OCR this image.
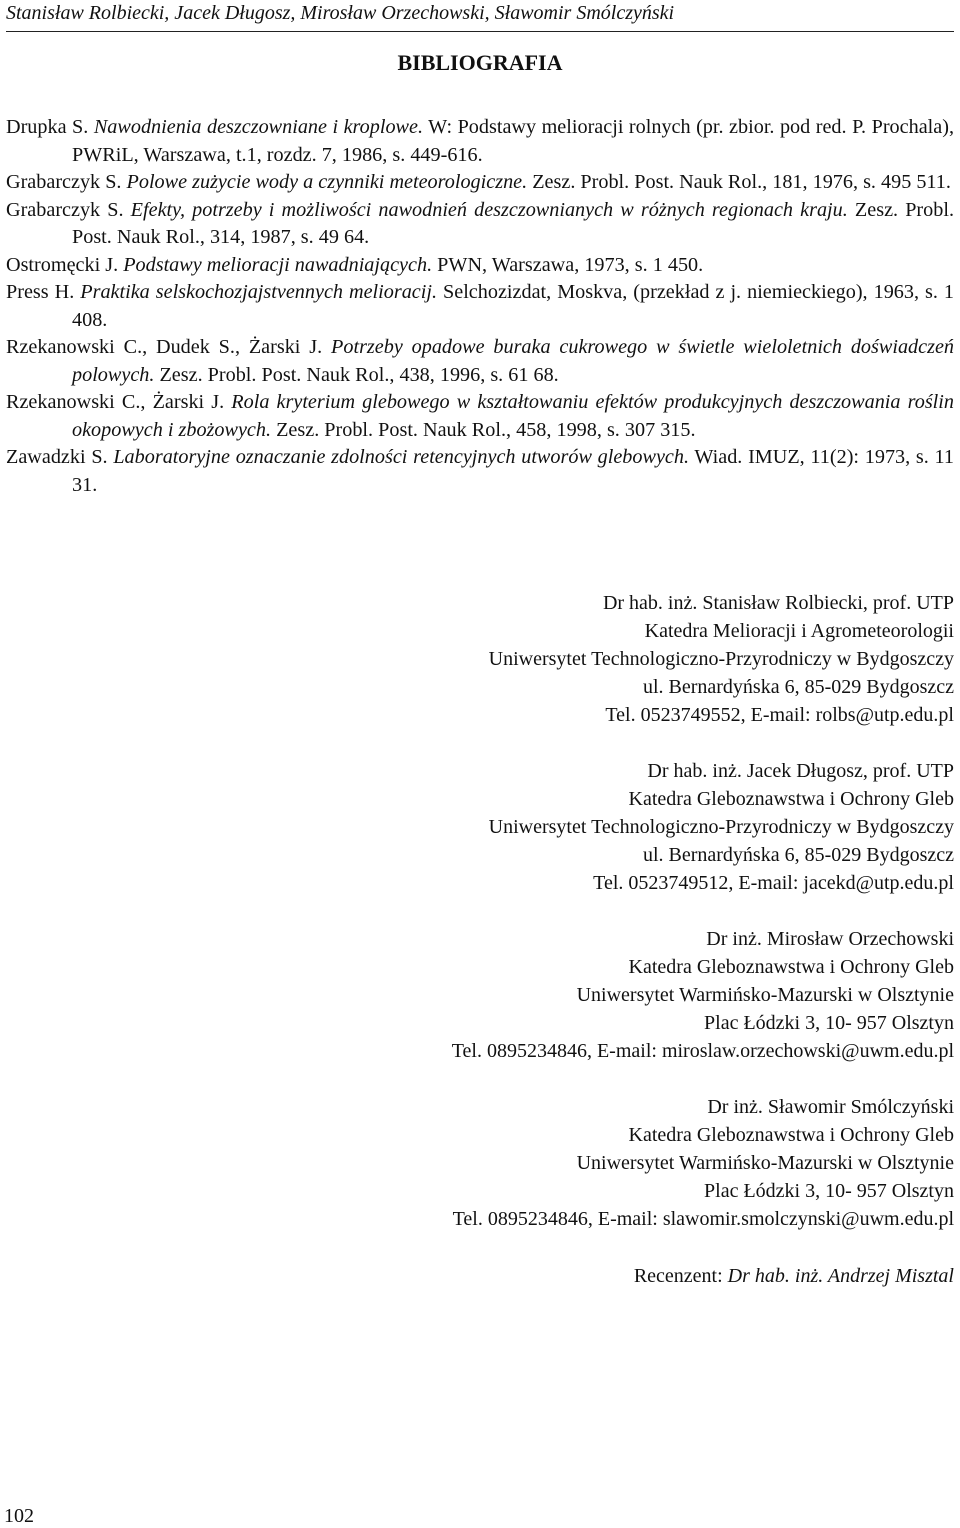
Stanisław Rolbiecki, Jacek Długosz, Mirosław Orzechowski, Sławomir Smólczyński
BIBLIOGRAFIA
Drupka S. Nawodnienia deszczowniane i kroplowe. W: Podstawy melioracji rolnych (pr. zbior. pod red. P. Prochala), PWRiL, Warszawa, t.1, rozdz. 7, 1986, s. 449-616.
Grabarczyk S. Polowe zużycie wody a czynniki meteorologiczne. Zesz. Probl. Post. Nauk Rol., 181, 1976, s. 495 511.
Grabarczyk S. Efekty, potrzeby i możliwości nawodnień deszczownianych w różnych regionach kraju. Zesz. Probl. Post. Nauk Rol., 314, 1987, s. 49 64.
Ostromęcki J. Podstawy melioracji nawadniających. PWN, Warszawa, 1973, s. 1 450.
Press H. Praktika selskochozjajstvennych melioracij. Selchozizdat, Moskva, (przekład z j. niemieckiego), 1963, s. 1 408.
Rzekanowski C., Dudek S., Żarski J. Potrzeby opadowe buraka cukrowego w świetle wieloletnich doświadczeń polowych. Zesz. Probl. Post. Nauk Rol., 438, 1996, s. 61 68.
Rzekanowski C., Żarski J. Rola kryterium glebowego w kształtowaniu efektów produkcyjnych deszczowania roślin okopowych i zbożowych. Zesz. Probl. Post. Nauk Rol., 458, 1998, s. 307 315.
Zawadzki S. Laboratoryjne oznaczanie zdolności retencyjnych utworów glebowych. Wiad. IMUZ, 11(2): 1973, s. 11 31.
Dr hab. inż. Stanisław Rolbiecki, prof. UTP
Katedra Melioracji i Agrometeorologii
Uniwersytet Technologiczno-Przyrodniczy w Bydgoszczy
ul. Bernardyńska 6, 85-029 Bydgoszcz
Tel. 0523749552, E-mail: rolbs@utp.edu.pl
Dr hab. inż. Jacek Długosz, prof. UTP
Katedra Gleboznawstwa i Ochrony Gleb
Uniwersytet Technologiczno-Przyrodniczy w Bydgoszczy
ul. Bernardyńska 6, 85-029 Bydgoszcz
Tel. 0523749512, E-mail: jacekd@utp.edu.pl
Dr inż. Mirosław Orzechowski
Katedra Gleboznawstwa i Ochrony Gleb
Uniwersytet Warmińsko-Mazurski w Olsztynie
Plac Łódzki 3, 10- 957 Olsztyn
Tel. 0895234846, E-mail: miroslaw.orzechowski@uwm.edu.pl
Dr inż. Sławomir Smólczyński
Katedra Gleboznawstwa i Ochrony Gleb
Uniwersytet Warmińsko-Mazurski w Olsztynie
Plac Łódzki 3, 10- 957 Olsztyn
Tel. 0895234846, E-mail: slawomir.smolczynski@uwm.edu.pl
Recenzent: Dr hab. inż. Andrzej Misztal
102
